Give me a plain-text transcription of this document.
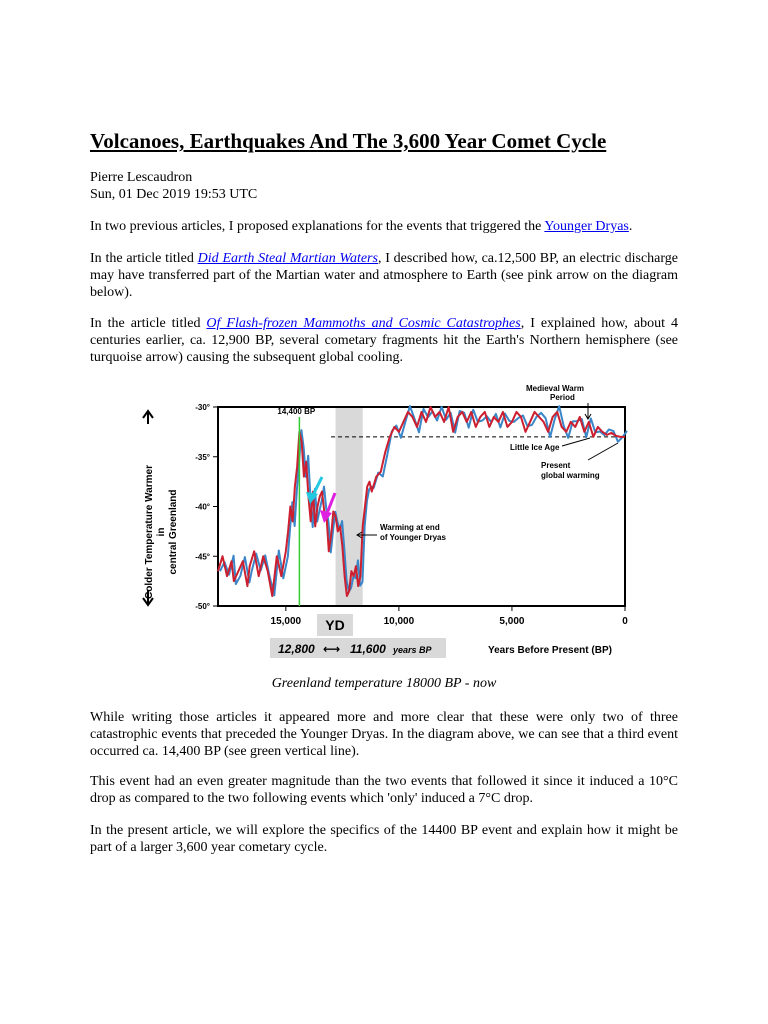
Volcanoes, Earthquakes And The 3,600 Year Comet Cycle
Pierre Lescaudron
Sun, 01 Dec 2019 19:53 UTC
In two previous articles, I proposed explanations for the events that triggered the Younger Dryas.
In the article titled Did Earth Steal Martian Waters, I described how, ca.12,500 BP, an electric discharge may have transferred part of the Martian water and atmosphere to Earth (see pink arrow on the diagram below).
In the article titled Of Flash-frozen Mammoths and Cosmic Catastrophes, I explained how, about 4 centuries earlier, ca. 12,900 BP, several cometary fragments hit the Earth's Northern hemisphere (see turquoise arrow) causing the subsequent global cooling.
Colder Temperature Warmer in central Greenland
-30°
-35°
-40°
-45°
-50°
15,000	10,000	5,000	0
14,400 BP
Medieval Warm
Period
Little Ice Age
Present
global warming
Warming at end
of Younger Dryas
YD
12,800 ⟷ 11,600 years BP	Years Before Present (BP)
Greenland temperature 18000 BP - now
While writing those articles it appeared more and more clear that these were only two of three catastrophic events that preceded the Younger Dryas. In the diagram above, we can see that a third event occurred ca. 14,400 BP (see green vertical line).
This event had an even greater magnitude than the two events that followed it since it induced a 10°C drop as compared to the two following events which 'only' induced a 7°C drop.
In the present article, we will explore the specifics of the 14400 BP event and explain how it might be part of a larger 3,600 year cometary cycle.
